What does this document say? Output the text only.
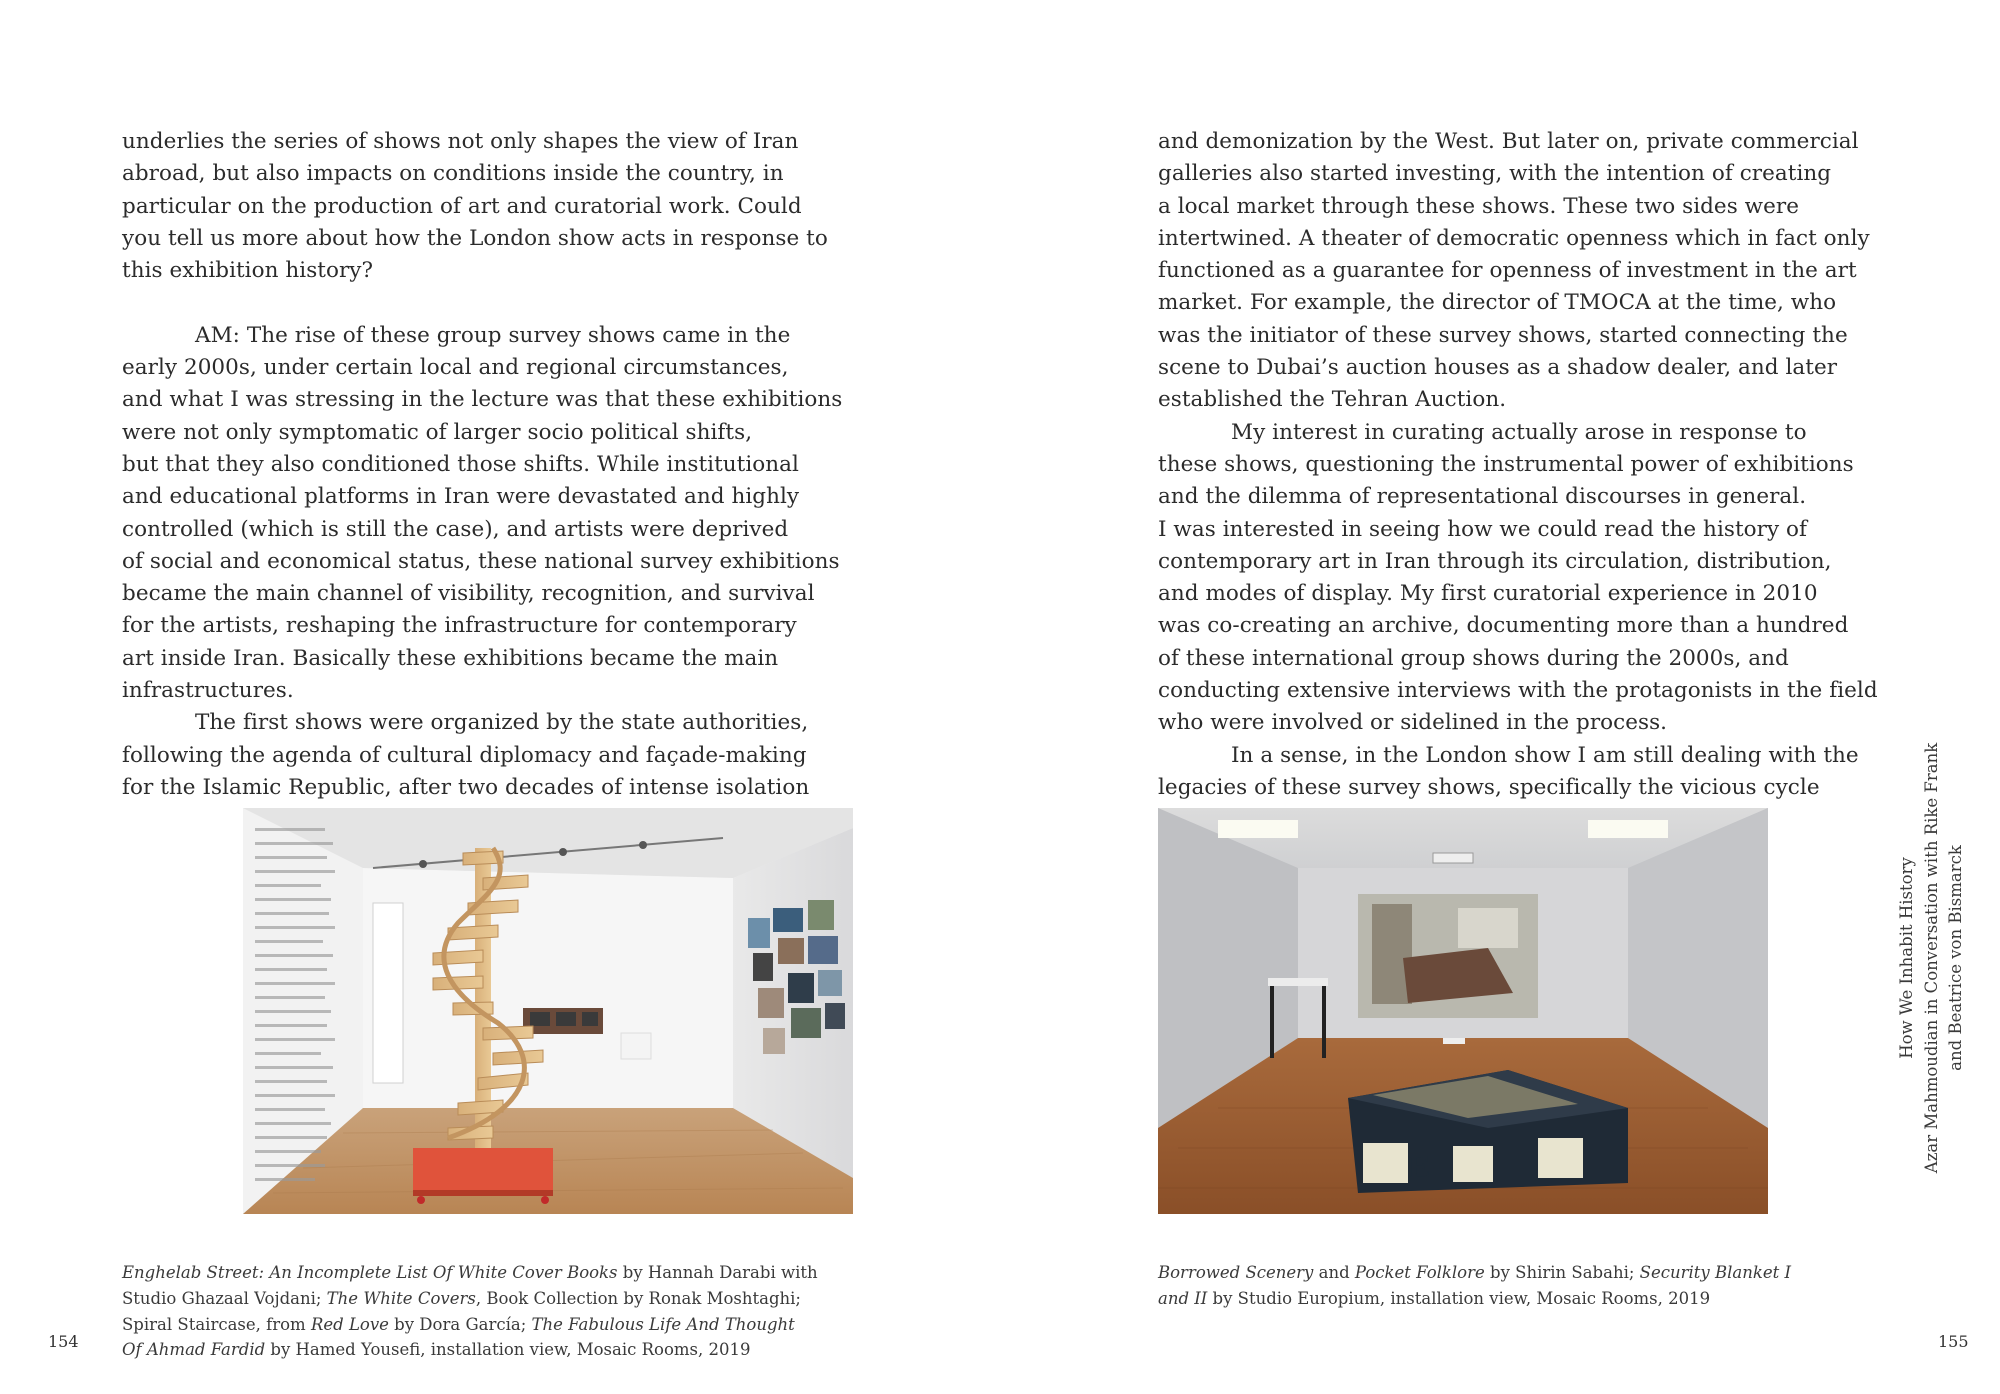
underlies the series of shows not only shapes the view of Iran

abroad, but also impacts on conditions inside the country, in

particular on the production of art and curatorial work. Could

you tell us more about how the London show acts in response to

this exhibition history?

AM: The rise of these group survey shows came in the

early 2000s, under certain local and regional circumstances,

and what I was stressing in the lecture was that these exhibitions

were not only symptomatic of larger socio political shifts,

but that they also conditioned those shifts. While institutional

and educational platforms in Iran were devastated and highly

controlled (which is still the case), and artists were deprived

of social and economical status, these national survey exhibitions

became the main channel of visibility, recognition, and survival

for the artists, reshaping the infrastructure for contemporary

art inside Iran. Basically these exhibitions became the main

infrastructures.

The first shows were organized by the state authorities,

following the agenda of cultural diplomacy and façade-making

for the Islamic Republic, after two decades of intense isolation

Enghelab Street: An Incomplete List Of White Cover Books by Hannah Darabi with

Studio Ghazaal Vojdani; The White Covers, Book Collection by Ronak Moshtaghi;

Spiral Staircase, from Red Love by Dora García; The Fabulous Life And Thought

Of Ahmad Fardid by Hamed Yousefi, installation view, Mosaic Rooms, 2019

154

and demonization by the West. But later on, private commercial

galleries also started investing, with the intention of creating

a local market through these shows. These two sides were

intertwined. A theater of democratic openness which in fact only

functioned as a guarantee for openness of investment in the art

market. For example, the director of TMOCA at the time, who

was the initiator of these survey shows, started connecting the

scene to Dubai’s auction houses as a shadow dealer, and later

established the Tehran Auction.

My interest in curating actually arose in response to

these shows, questioning the instrumental power of exhibitions

and the dilemma of representational discourses in general.

I was interested in seeing how we could read the history of

contemporary art in Iran through its circulation, distribution,

and modes of display. My first curatorial experience in 2010

was co-creating an archive, documenting more than a hundred

of these international group shows during the 2000s, and

conducting extensive interviews with the protagonists in the field

who were involved or sidelined in the process.

In a sense, in the London show I am still dealing with the

legacies of these survey shows, specifically the vicious cycle

E

Borrowed Scenery and Pocket Folklore by Shirin Sabahi; Security Blanket I

and II by Studio Europium, installation view, Mosaic Rooms, 2019

How We Inhabit History Azar Mahmoudian in Conversation with Rike Frank and Beatrice von Bismarck
155
